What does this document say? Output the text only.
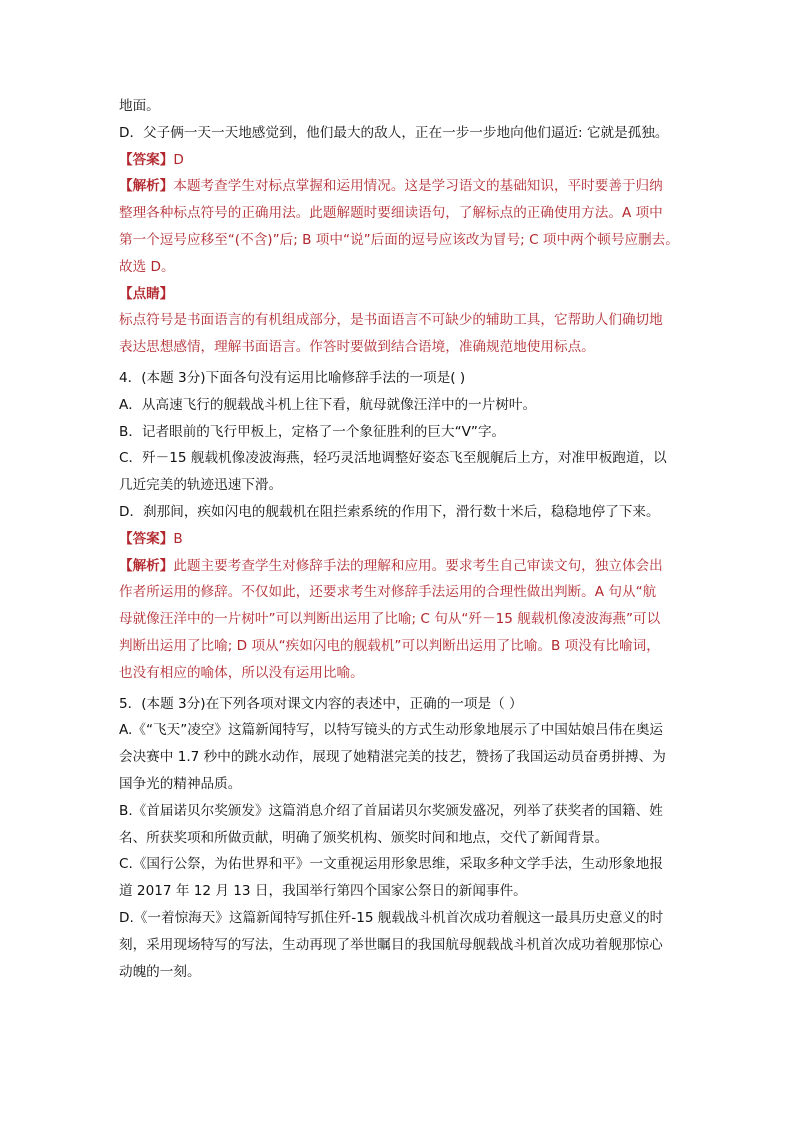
地面。

D．父子俩一天一天地感觉到，他们最大的敌人，正在一步一步地向他们逼近: 它就是孤独。

【答案】D

【解析】本题考查学生对标点掌握和运用情况。这是学习语文的基础知识，平时要善于归纳

整理各种标点符号的正确用法。此题解题时要细读语句，了解标点的正确使用方法。A 项中

第一个逗号应移至“(不含)”后; B 项中“说”后面的逗号应该改为冒号; C 项中两个顿号应删去。

故选 D。

【点睛】

标点符号是书面语言的有机组成部分，是书面语言不可缺少的辅助工具，它帮助人们确切地

表达思想感情，理解书面语言。作答时要做到结合语境，准确规范地使用标点。

4．(本题 3分)下面各句没有运用比喻修辞手法的一项是( )

A．从高速飞行的舰载战斗机上往下看，航母就像汪洋中的一片树叶。

B．记者眼前的飞行甲板上，定格了一个象征胜利的巨大“V”字。

C．歼－15 舰载机像凌波海燕，轻巧灵活地调整好姿态飞至舰艉后上方，对准甲板跑道，以

几近完美的轨迹迅速下滑。

D．刹那间，疾如闪电的舰载机在阻拦索系统的作用下，滑行数十米后，稳稳地停了下来。

【答案】B

【解析】此题主要考查学生对修辞手法的理解和应用。要求考生自己审读文句，独立体会出

作者所运用的修辞。不仅如此，还要求考生对修辞手法运用的合理性做出判断。A 句从“航

母就像汪洋中的一片树叶”可以判断出运用了比喻; C 句从“歼－15 舰载机像凌波海燕”可以

判断出运用了比喻; D 项从“疾如闪电的舰载机”可以判断出运用了比喻。B 项没有比喻词，

也没有相应的喻体，所以没有运用比喻。

5．(本题 3分)在下列各项对课文内容的表述中，正确的一项是（ ）

A.《“飞天”凌空》这篇新闻特写，以特写镜头的方式生动形象地展示了中国姑娘吕伟在奥运

会决赛中 1.7 秒中的跳水动作，展现了她精湛完美的技艺，赞扬了我国运动员奋勇拼搏、为

国争光的精神品质。

B.《首届诺贝尔奖颁发》这篇消息介绍了首届诺贝尔奖颁发盛况，列举了获奖者的国籍、姓

名、所获奖项和所做贡献，明确了颁奖机构、颁奖时间和地点，交代了新闻背景。

C.《国行公祭，为佑世界和平》一文重视运用形象思维，采取多种文学手法，生动形象地报

道 2017 年 12 月 13 日，我国举行第四个国家公祭日的新闻事件。

D.《一着惊海天》这篇新闻特写抓住歼-15 舰载战斗机首次成功着舰这一最具历史意义的时

刻，采用现场特写的写法，生动再现了举世瞩目的我国航母舰载战斗机首次成功着舰那惊心

动魄的一刻。
